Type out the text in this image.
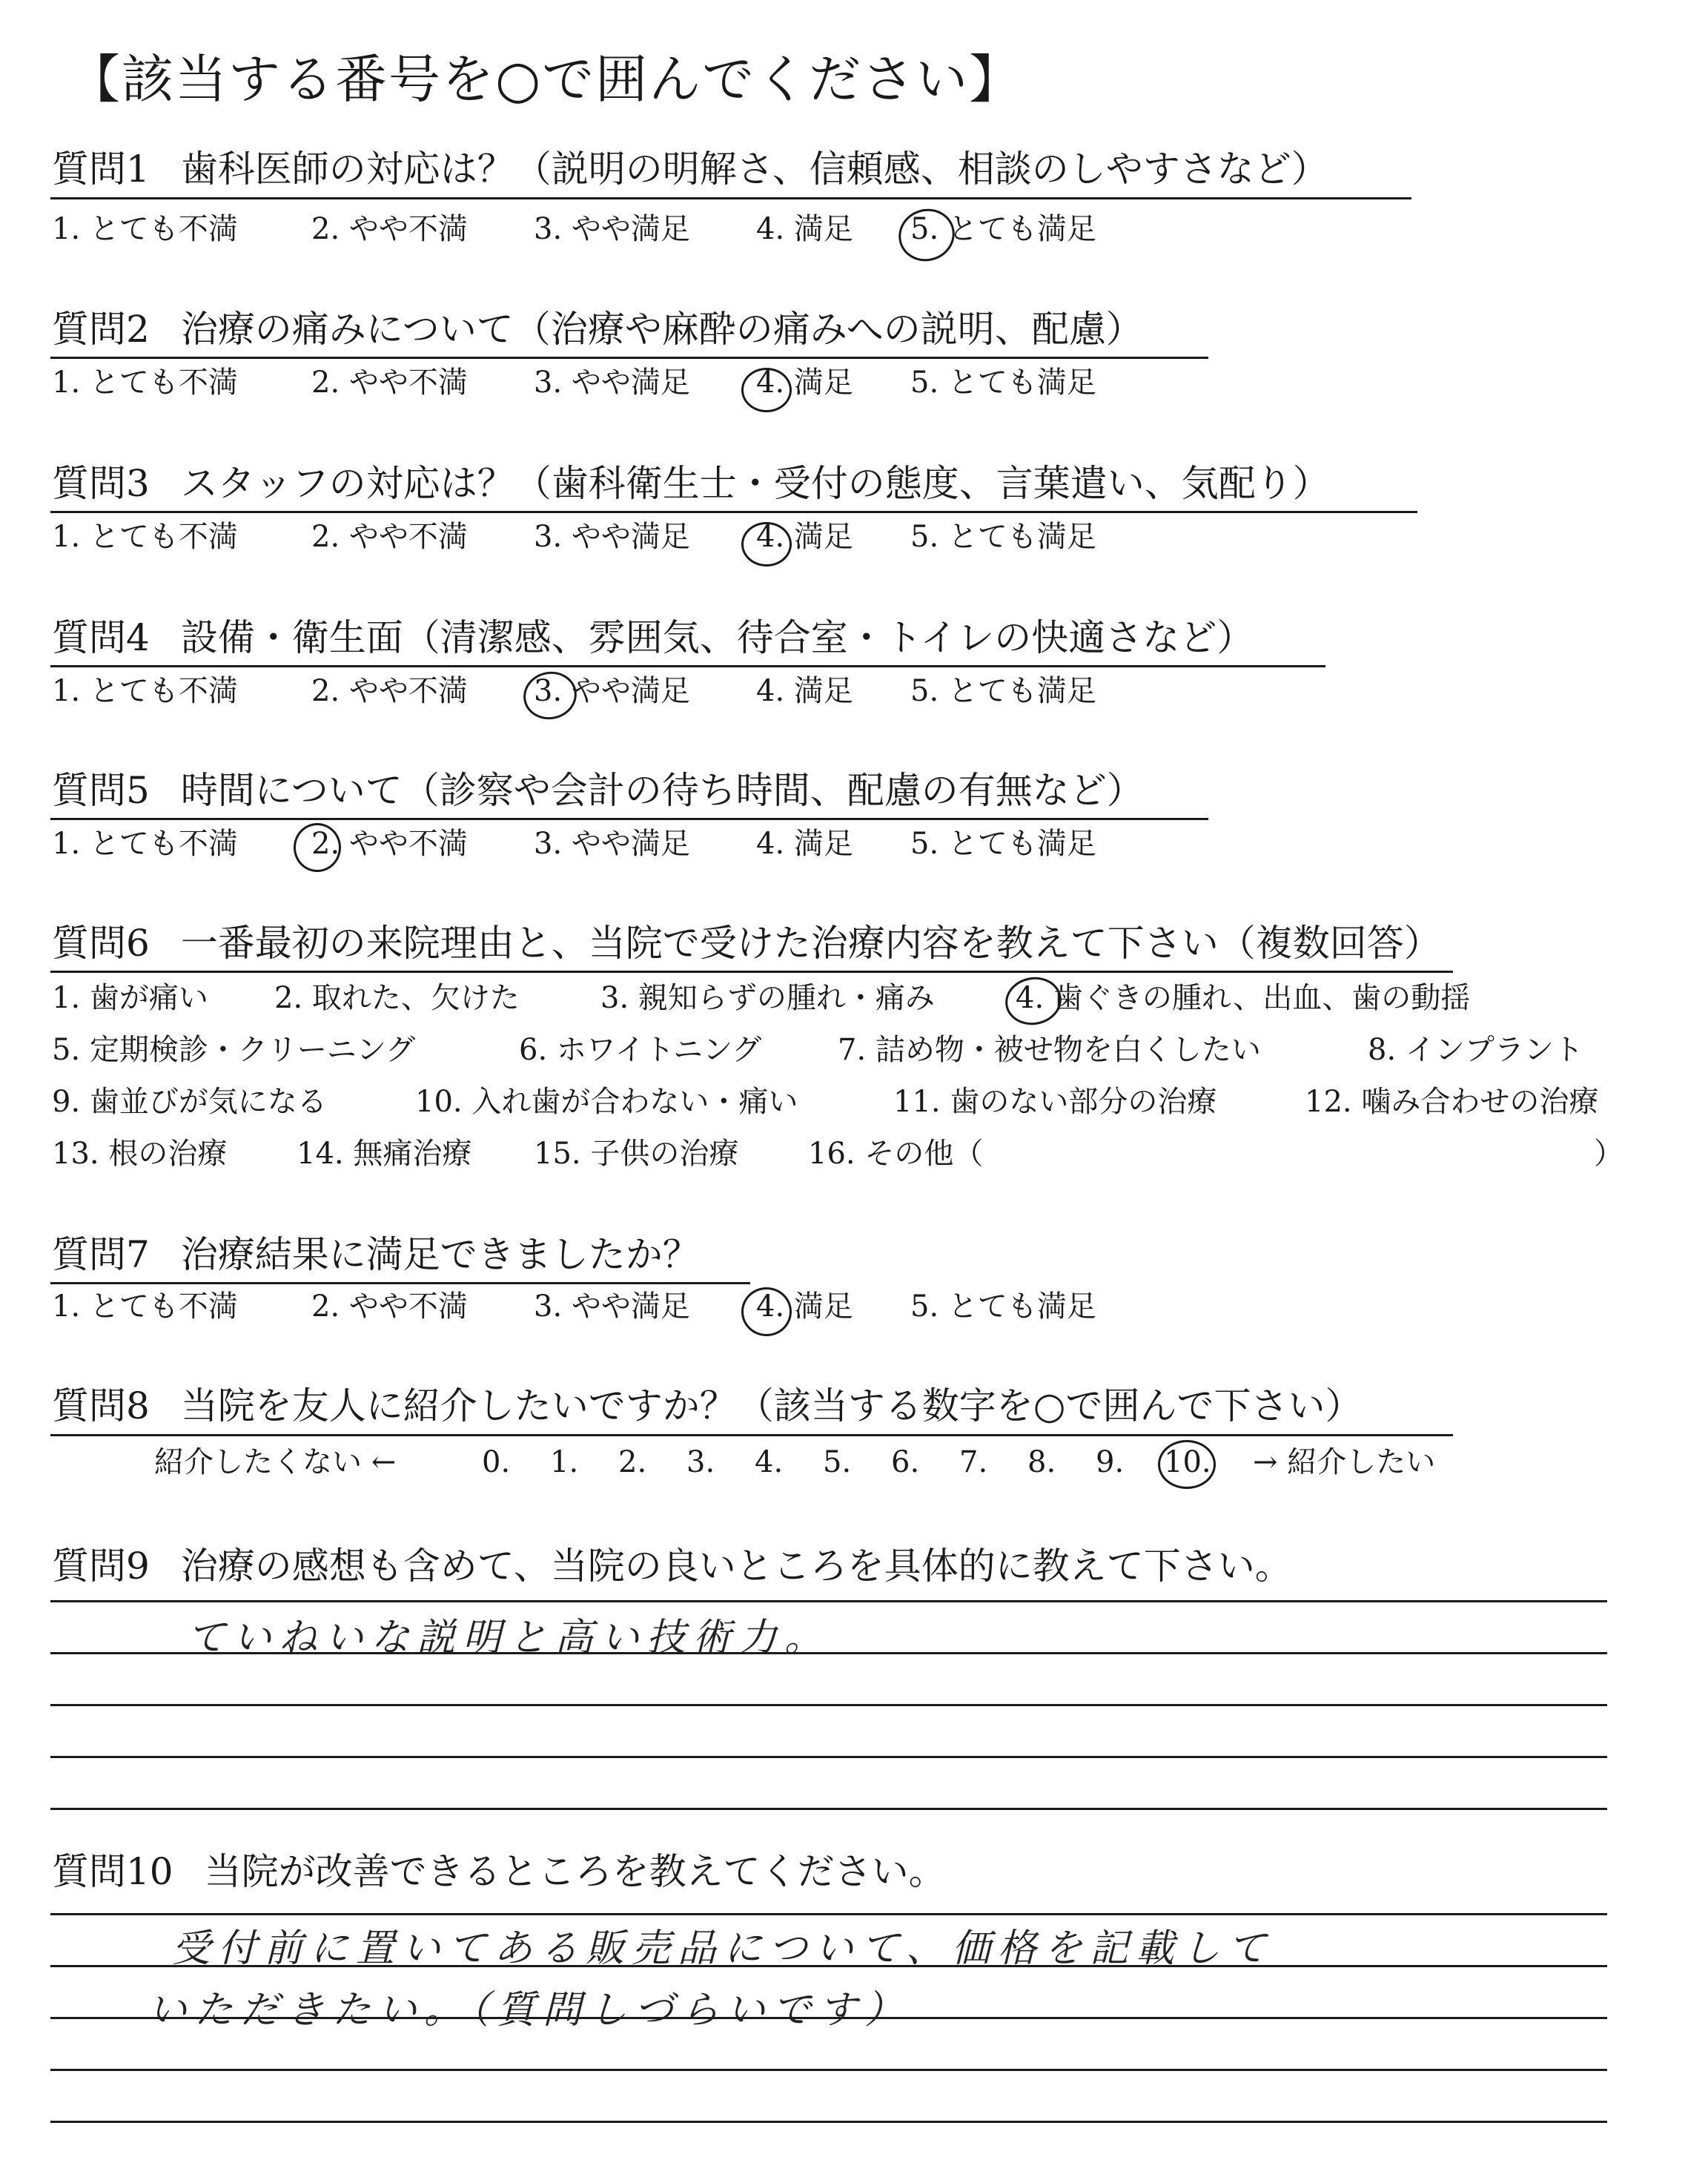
【該当する番号を○で囲んでください】
質問1 歯科医師の対応は？（説明の明解さ、信頼感、相談のしやすさなど）
1. とても不満 2. やや不満 3. やや満足 4. 満足 5. とても満足
質問2 治療の痛みについて（治療や麻酔の痛みへの説明、配慮）
1. とても不満 2. やや不満 3. やや満足 4. 満足 5. とても満足
質問3 スタッフの対応は？（歯科衛生士・受付の態度、言葉遣い、気配り）
1. とても不満 2. やや不満 3. やや満足 4. 満足 5. とても満足
質問4 設備・衛生面（清潔感、雰囲気、待合室・トイレの快適さなど）
1. とても不満 2. やや不満 3. やや満足 4. 満足 5. とても満足
質問5 時間について（診察や会計の待ち時間、配慮の有無など）
1. とても不満 2. やや不満 3. やや満足 4. 満足 5. とても満足
質問6 一番最初の来院理由と、当院で受けた治療内容を教えて下さい（複数回答）
1. 歯が痛い 2. 取れた、欠けた	3. 親知らずの腫れ・痛み	4. 歯ぐきの腫れ、出血、歯の動揺
5. 定期検診・クリーニング	6. ホワイトニング	7. 詰め物・被せ物を白くしたい	8. インプラント
9. 歯並びが気になる	10. 入れ歯が合わない・痛い	11. 歯のない部分の治療	12. 噛み合わせの治療
13. 根の治療 14. 無痛治療 15. 子供の治療 16. その他（	）
質問7 治療結果に満足できましたか？
1. とても不満 2. やや不満 3. やや満足 4. 満足 5. とても満足
質問8 当院を友人に紹介したいですか？（該当する数字を○で囲んで下さい）
紹介したくない ←	0. 1. 2. 3. 4. 5. 6. 7. 8. 9. 10. → 紹介したい
質問9 治療の感想も含めて、当院の良いところを具体的に教えて下さい。
ていねいな説明と高い技術力。
質問10 当院が改善できるところを教えてください。
受付前に置いてある販売品について、価格を記載して
いただきたい。（質問しづらいです）
